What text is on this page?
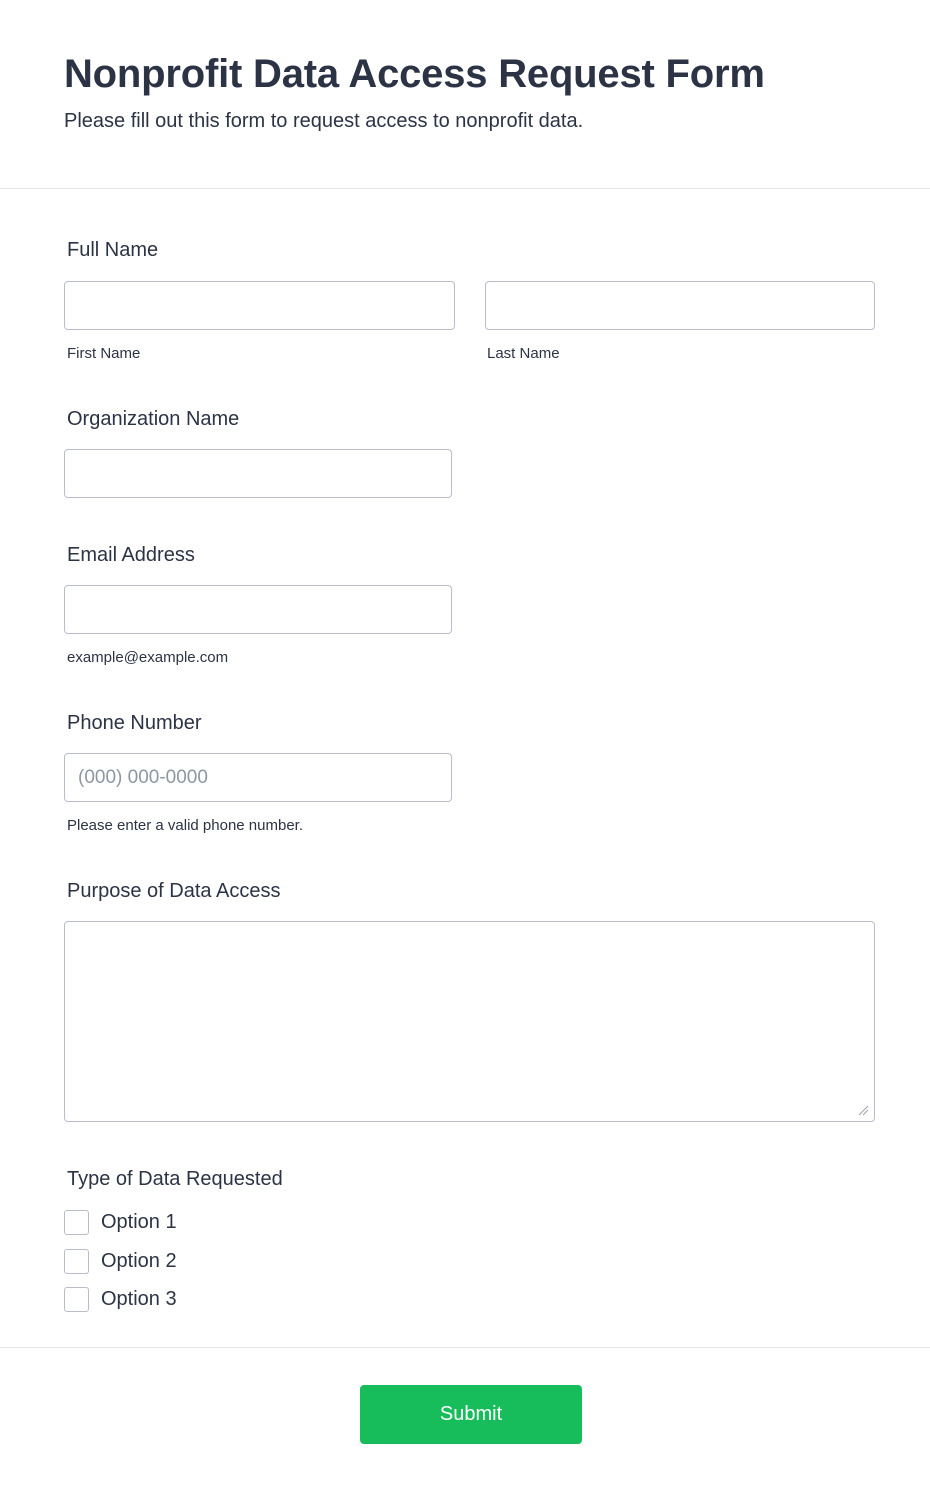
Nonprofit Data Access Request Form

Please fill out this form to request access to nonprofit data.

Full Name
First Name	Last Name
Organization Name
Email Address
example@example.com
Phone Number
(000) 000-0000
Please enter a valid phone number.
Purpose of Data Access
Type of Data Requested
Option 1
Option 2
Option 3
Submit
